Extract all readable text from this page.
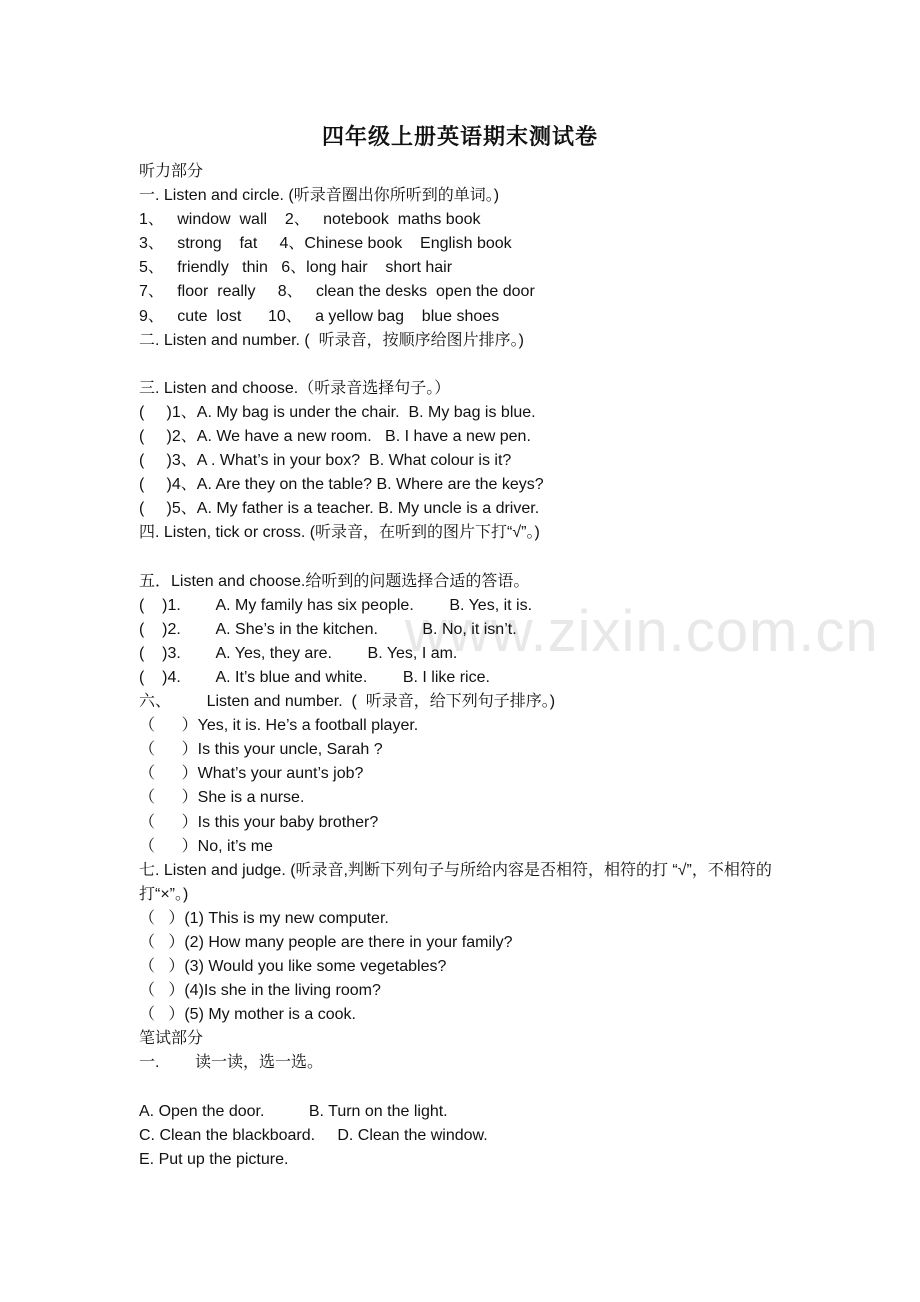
www.zixin.com.cn
四年级上册英语期末测试卷
听力部分
一. Listen and circle. (听录音圈出你所听到的单词。)
1、   window  wall    2、   notebook  maths book
3、   strong    fat     4、Chinese book    English book
5、   friendly   thin   6、long hair    short hair
7、   floor  really     8、   clean the desks  open the door
9、   cute  lost      10、   a yellow bag    blue shoes
二. Listen and number. (  听录音，按顺序给图片排序。)
三. Listen and choose.（听录音选择句子。）
(     )1、A. My bag is under the chair.  B. My bag is blue.
(     )2、A. We have a new room.   B. I have a new pen.
(     )3、A . What’s in your box?  B. What colour is it?
(     )4、A. Are they on the table? B. Where are the keys?
(     )5、A. My father is a teacher. B. My uncle is a driver.
四. Listen, tick or cross. (听录音，在听到的图片下打“√”。)
五．Listen and choose.给听到的问题选择合适的答语。
(    )1.        A. My family has six people.        B. Yes, it is.
(    )2.        A. She’s in the kitchen.          B. No, it isn’t.
(    )3.        A. Yes, they are.        B. Yes, I am.
(    )4.        A. It’s blue and white.        B. I like rice.
六、        Listen and number.  (  听录音，给下列句子排序。)
（      ）Yes, it is. He’s a football player.
（      ）Is this your uncle, Sarah ?
（      ）What’s your aunt’s job?
（      ）She is a nurse.
（      ）Is this your baby brother?
（      ）No, it’s me
七. Listen and judge. (听录音,判断下列句子与所给内容是否相符，相符的打 “√”，不相符的打“×”。)
（   ）(1) This is my new computer.
（   ）(2) How many people are there in your family?
（   ）(3) Would you like some vegetables?
（   ）(4)Is she in the living room?
（   ）(5) My mother is a cook.
笔试部分
一.        读一读，选一选。
A. Open the door.          B. Turn on the light.
C. Clean the blackboard.     D. Clean the window.
E. Put up the picture.
